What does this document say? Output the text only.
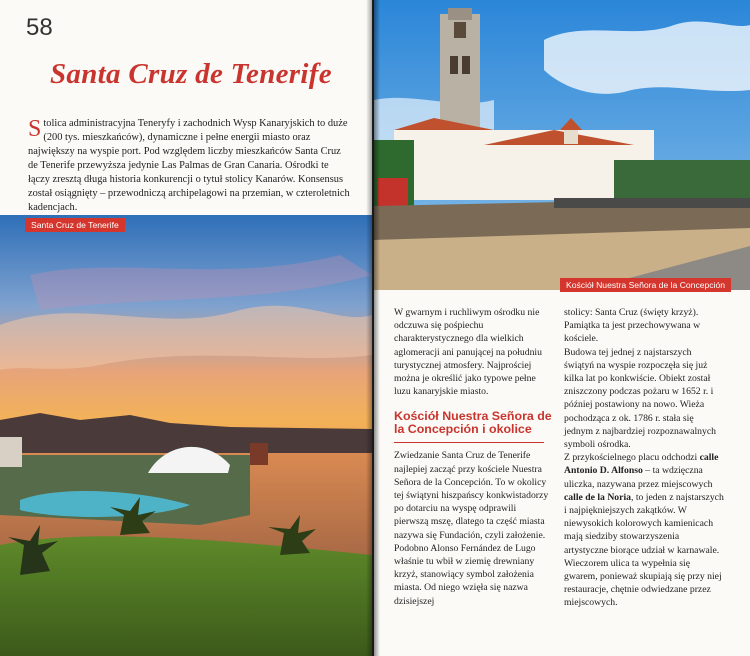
58
Santa Cruz de Tenerife
Stolica administracyjna Teneryfy i zachodnich Wysp Kanaryjskich to duże (200 tys. mieszkańców), dynamiczne i pełne energii miasto oraz największy na wyspie port. Pod względem liczby mieszkańców Santa Cruz de Tenerife przewyższa jedynie Las Palmas de Gran Canaria. Ośrodki te łączy zresztą długa historia konkurencji o tytuł stolicy Kanarów. Konsensus został osiągnięty – przewodniczą archipelagowi na przemian, w czteroletnich kadencjach.
Santa Cruz de Tenerife
Kościół Nuestra Señora de la Concepción

W gwarnym i ruchliwym ośrodku nie odczuwa się pośpiechu charakterystycznego dla wielkich aglomeracji ani panującej na południu turystycznej atmosfery. Najprościej można je określić jako typowe pełne luzu kanaryjskie miasto.

Kościół Nuestra Señora de la Concepción i okolice

Zwiedzanie Santa Cruz de Tenerife najlepiej zacząć przy kościele Nuestra Señora de la Concepción. To w okolicy tej świątyni hiszpańscy konkwistadorzy po dotarciu na wyspę odprawili pierwszą mszę, dlatego ta część miasta nazywa się Fundación, czyli założenie. Podobno Alonso Fernández de Lugo właśnie tu wbił w ziemię drewniany krzyż, stanowiący symbol założenia miasta. Od niego wzięła się nazwa dzisiejszej

stolicy: Santa Cruz (święty krzyż). Pamiątka ta jest przechowywana w kościele.

Budowa tej jednej z najstarszych świątyń na wyspie rozpoczęła się już kilka lat po konkwiście. Obiekt został zniszczony podczas pożaru w 1652 r. i później postawiony na nowo. Wieża pochodząca z ok. 1786 r. stała się jednym z najbardziej rozpoznawalnych symboli ośrodka.

Z przykościelnego placu odchodzi calle Antonio D. Alfonso – ta wdzięczna uliczka, nazywana przez miejscowych calle de la Noria, to jeden z najstarszych i najpiękniejszych zakątków. W niewysokich kolorowych kamienicach mają siedziby stowarzyszenia artystyczne biorące udział w karnawale. Wieczorem ulica ta wypełnia się gwarem, ponieważ skupiają się przy niej restauracje, chętnie odwiedzane przez miejscowych.
